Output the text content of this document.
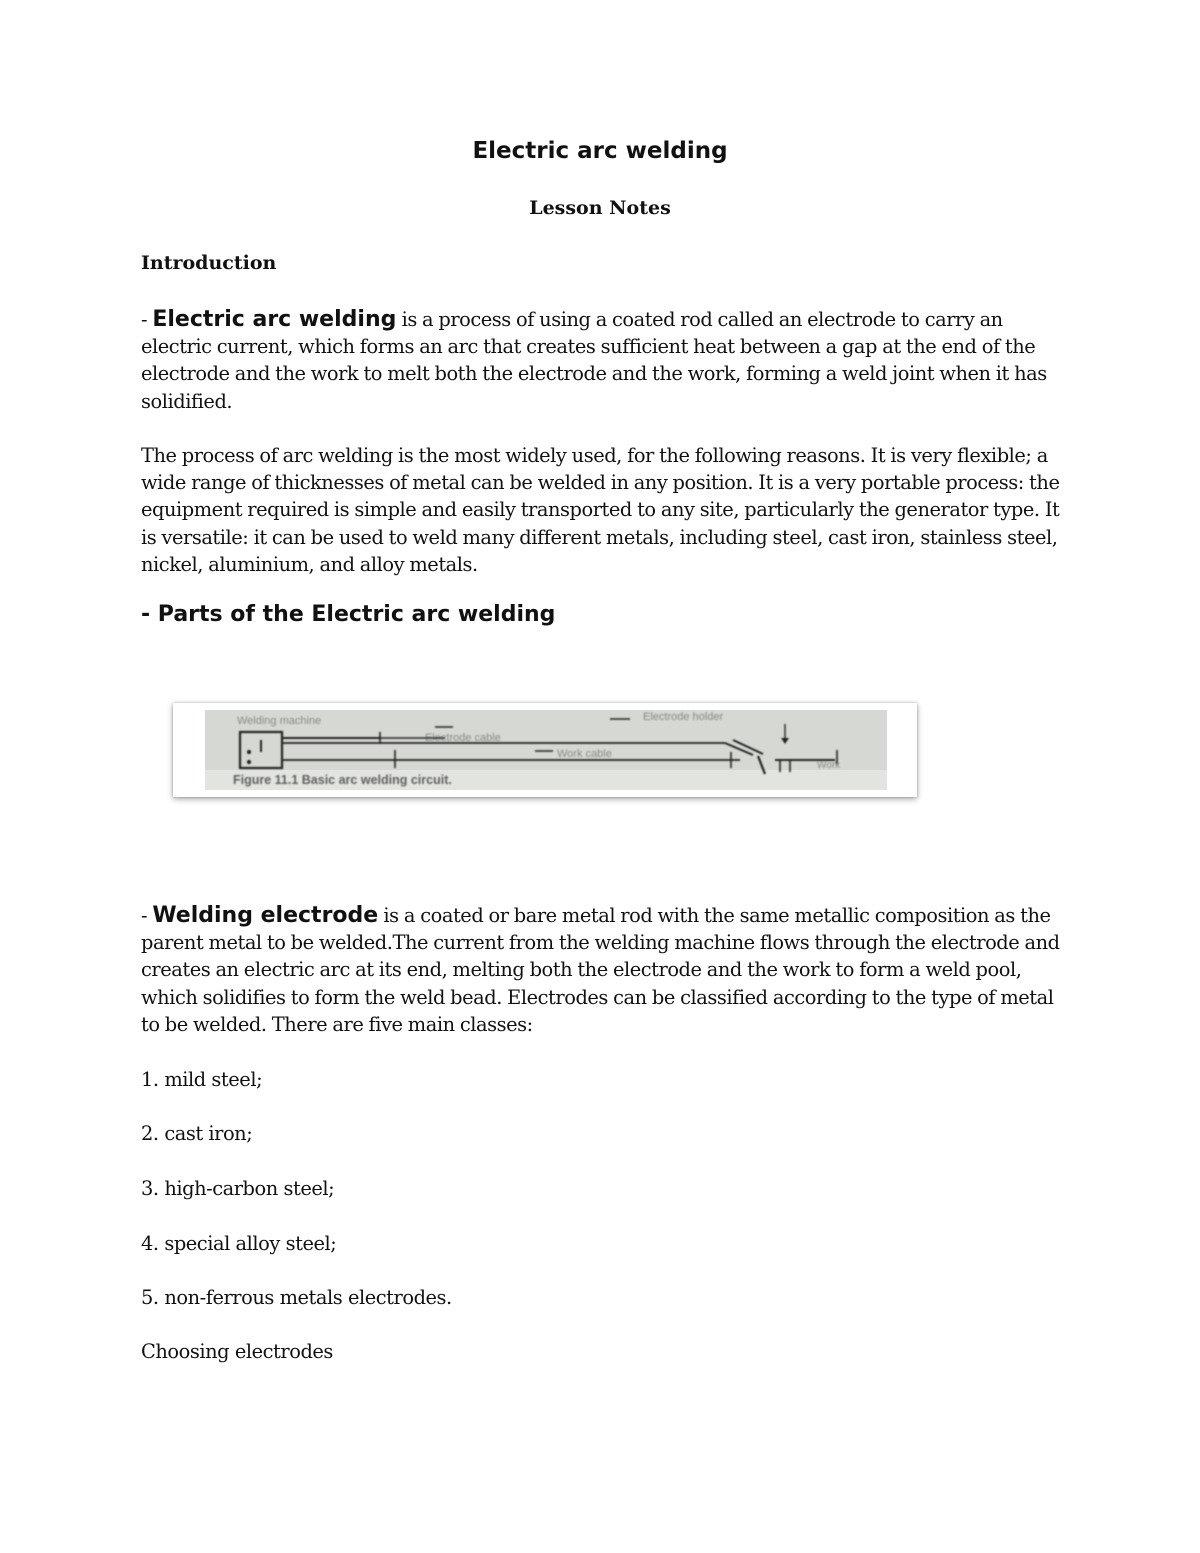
Electric arc welding
Lesson Notes
Introduction
- Electric arc welding is a process of using a coated rod called an electrode to carry an electric current, which forms an arc that creates sufficient heat between a gap at the end of the electrode and the work to melt both the electrode and the work, forming a weld joint when it has solidified.
The process of arc welding is the most widely used, for the following reasons. It is very flexible; a wide range of thicknesses of metal can be welded in any position. It is a very portable process: the equipment required is simple and easily transported to any site, particularly the generator type. It is versatile: it can be used to weld many different metals, including steel, cast iron, stainless steel, nickel, aluminium, and alloy metals.
- Parts of the Electric arc welding
Welding machine	Electrode holder
Electrode cable
Work cable
Work
Figure 11.1 Basic arc welding circuit.
- Welding electrode is a coated or bare metal rod with the same metallic composition as the parent metal to be welded.The current from the welding machine flows through the electrode and creates an electric arc at its end, melting both the electrode and the work to form a weld pool, which solidifies to form the weld bead. Electrodes can be classified according to the type of metal to be welded. There are five main classes:
1. mild steel;
2. cast iron;
3. high-carbon steel;
4. special alloy steel;
5. non-ferrous metals electrodes.
Choosing electrodes
